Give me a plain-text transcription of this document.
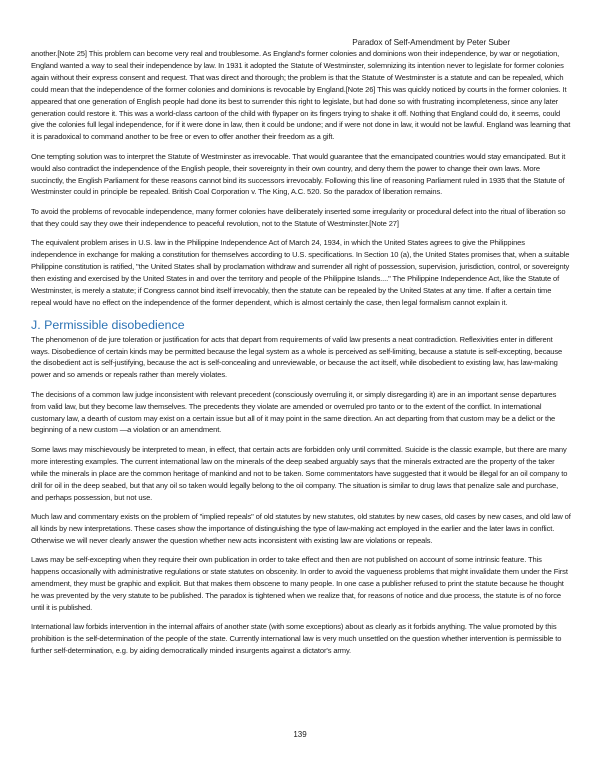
Paradox of Self-Amendment by Peter Suber

another.[Note 25] This problem can become very real and troublesome. As England's former colonies and dominions won their independence, by war or negotiation, England wanted a way to seal their independence by law. In 1931 it adopted the Statute of Westminster, solemnizing its intention never to legislate for former colonies again without their express consent and request. That was direct and thorough; the problem is that the Statute of Westminster is a statute and can be repealed, which could mean that the independence of the former colonies and dominions is revocable by England.[Note 26] This was quickly noticed by courts in the former colonies. It appeared that one generation of English people had done its best to surrender this right to legislate, but had done so with frustrating incompleteness, since any later generation could restore it. This was a world-class cartoon of the child with flypaper on its fingers trying to shake it off. Nothing that England could do, it seems, could give the colonies full legal independence, for if it were done in law, then it could be undone; and if were not done in law, it would not be lawful. England was learning that it is paradoxical to command another to be free or even to offer another their freedom as a gift.

One tempting solution was to interpret the Statute of Westminster as irrevocable. That would guarantee that the emancipated countries would stay emancipated. But it would also contradict the independence of the English people, their sovereignty in their own country, and deny them the power to change their own laws. More succinctly, the English Parliament for these reasons cannot bind its successors irrevocably. Following this line of reasoning Parliament ruled in 1935 that the Statute of Westminster could in principle be repealed. British Coal Corporation v. The King, A.C. 520. So the paradox of liberation remains.

To avoid the problems of revocable independence, many former colonies have deliberately inserted some irregularity or procedural defect into the ritual of liberation so that they could say they owe their independence to peaceful revolution, not to the Statute of Westminster.[Note 27]

The equivalent problem arises in U.S. law in the Philippine Independence Act of March 24, 1934, in which the United States agrees to give the Philippines independence in exchange for making a constitution for themselves according to U.S. specifications. In Section 10 (a), the United States promises that, when a suitable Philippine constitution is ratified, "the United States shall by proclamation withdraw and surrender all right of possession, supervision, jurisdiction, control, or sovereignty then existing and exercised by the United States in and over the territory and people of the Philippine Islands...." The Philippine Independence Act, like the Statute of Westminster, is merely a statute; if Congress cannot bind itself irrevocably, then the statute can be repealed by the United States at any time. If after a certain time repeal would have no effect on the independence of the former dependent, which is almost certainly the case, then legal formalism cannot explain it.

J. Permissible disobedience

The phenomenon of de jure toleration or justification for acts that depart from requirements of valid law presents a neat contradiction. Reflexivities enter in different ways. Disobedience of certain kinds may be permitted because the legal system as a whole is perceived as self-limiting, because a statute is self-excepting, because the disobedient act is self-justifying, because the act is self-concealing and unreviewable, or because the act itself, while disobedient to existing law, has law-making power and so amends or repeals rather than merely violates.

The decisions of a common law judge inconsistent with relevant precedent (consciously overruling it, or simply disregarding it) are in an important sense departures from valid law, but they become law themselves. The precedents they violate are amended or overruled pro tanto or to the extent of the conflict. In international customary law, a dearth of custom may exist on a certain issue but all of it may point in the same direction. An act departing from that custom may be a delict or the beginning of a new custom —a violation or an amendment.

Some laws may mischievously be interpreted to mean, in effect, that certain acts are forbidden only until committed. Suicide is the classic example, but there are many more interesting examples. The current international law on the minerals of the deep seabed arguably says that the minerals extracted are the property of the taker while the minerals in place are the common heritage of mankind and not to be taken. Some commentators have suggested that it would be illegal for an oil company to drill for oil in the deep seabed, but that any oil so taken would legally belong to the oil company. The situation is similar to drug laws that penalize sale and purchase, and perhaps possession, but not use.

Much law and commentary exists on the problem of "implied repeals" of old statutes by new statutes, old statutes by new cases, old cases by new cases, and old law of all kinds by new interpretations. These cases show the importance of distinguishing the type of law-making act employed in the earlier and the later laws in conflict. Otherwise we will never clearly answer the question whether new acts inconsistent with existing law are violations or repeals.

Laws may be self-excepting when they require their own publication in order to take effect and then are not published on account of some intrinsic feature. This happens occasionally with administrative regulations or state statutes on obscenity. In order to avoid the vagueness problems that might invalidate them under the First amendment, they must be graphic and explicit. But that makes them obscene to many people. In one case a publisher refused to print the statute because he thought he was prevented by the very statute to be published. The paradox is tightened when we realize that, for reasons of notice and due process, the statute is of no force until it is published.

International law forbids intervention in the internal affairs of another state (with some exceptions) about as clearly as it forbids anything. The value promoted by this prohibition is the self-determination of the people of the state. Currently international law is very much unsettled on the question whether intervention is permissible to further self-determination, e.g. by aiding democratically minded insurgents against a dictator's army.

139
